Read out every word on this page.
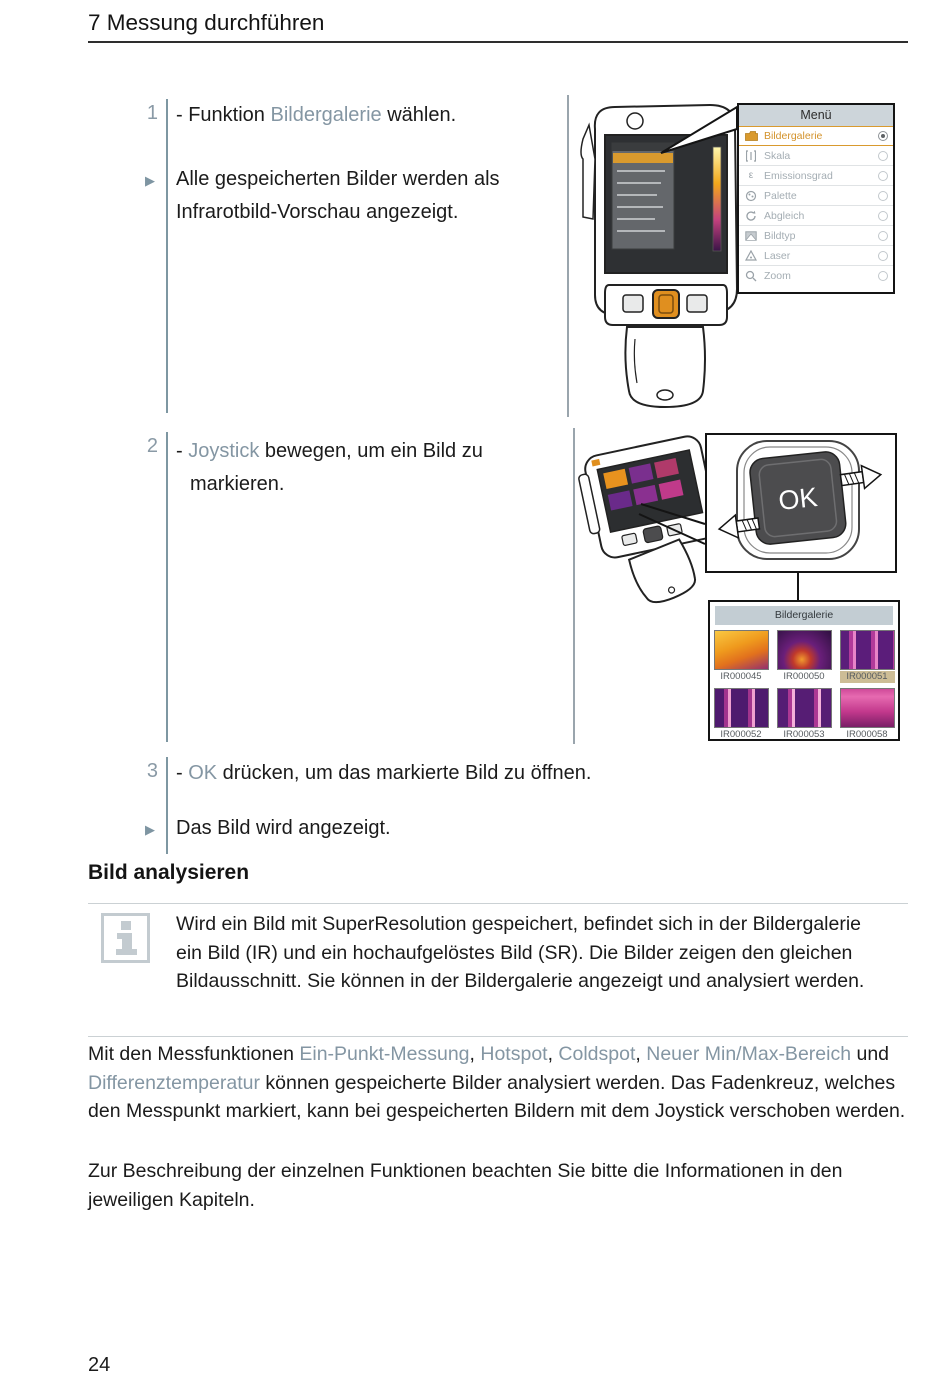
7 Messung durchführen
1 - Funktion Bildergalerie wählen.
▶ Alle gespeicherten Bilder werden als
Infrarotbild-Vorschau angezeigt.
Menü
Bildergalerie
Skala
ε	Emissionsgrad
Palette
Abgleich
Bildtyp
Laser
Zoom
2 - Joystick bewegen, um ein Bild zu
markieren.	OK
Bildergalerie
IR000045	IR000050	IR000051
IR000052	IR000053	IR000058
3 - OK drücken, um das markierte Bild zu öffnen.
▶ Das Bild wird angezeigt.
Bild analysieren
Wird ein Bild mit SuperResolution gespeichert, befindet sich in der Bildergalerie ein Bild (IR) und ein hochaufgelöstes Bild (SR). Die Bilder zeigen den gleichen Bildausschnitt. Sie können in der Bildergalerie angezeigt und analysiert werden.
Mit den Messfunktionen Ein-Punkt-Messung, Hotspot, Coldspot, Neuer Min/Max-Bereich und Differenztemperatur können gespeicherte Bilder analysiert werden. Das Fadenkreuz, welches den Messpunkt markiert, kann bei gespeicherten Bildern mit dem Joystick verschoben werden.
Zur Beschreibung der einzelnen Funktionen beachten Sie bitte die Informationen in den jeweiligen Kapiteln.
24
